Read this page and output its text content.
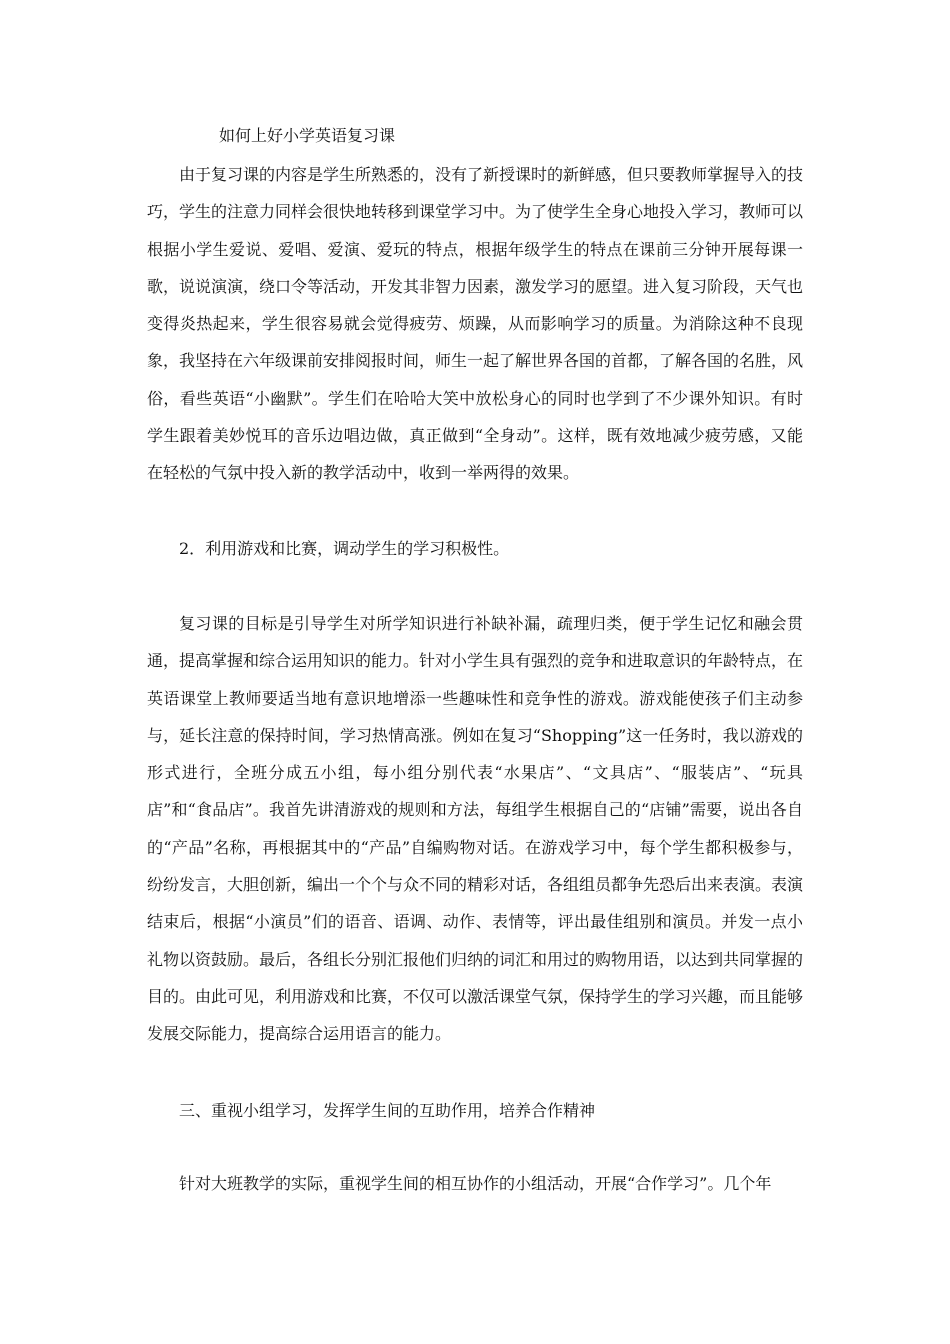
如何上好小学英语复习课

由于复习课的内容是学生所熟悉的，没有了新授课时的新鲜感，但只要教师掌握导入的技巧，学生的注意力同样会很快地转移到课堂学习中。为了使学生全身心地投入学习，教师可以根据小学生爱说、爱唱、爱演、爱玩的特点，根据年级学生的特点在课前三分钟开展每课一歌，说说演演，绕口令等活动，开发其非智力因素，激发学习的愿望。进入复习阶段，天气也变得炎热起来，学生很容易就会觉得疲劳、烦躁，从而影响学习的质量。为消除这种不良现象，我坚持在六年级课前安排阅报时间，师生一起了解世界各国的首都，了解各国的名胜，风俗，看些英语“小幽默”。学生们在哈哈大笑中放松身心的同时也学到了不少课外知识。有时学生跟着美妙悦耳的音乐边唱边做，真正做到“全身动”。这样，既有效地减少疲劳感，又能在轻松的气氛中投入新的教学活动中，收到一举两得的效果。

2．利用游戏和比赛，调动学生的学习积极性。

复习课的目标是引导学生对所学知识进行补缺补漏，疏理归类，便于学生记忆和融会贯通，提高掌握和综合运用知识的能力。针对小学生具有强烈的竞争和进取意识的年龄特点，在英语课堂上教师要适当地有意识地增添一些趣味性和竞争性的游戏。游戏能使孩子们主动参与，延长注意的保持时间，学习热情高涨。例如在复习“Shopping”这一任务时，我以游戏的形式进行，全班分成五小组，每小组分别代表“水果店”、“文具店”、“服装店”、“玩具店”和“食品店”。我首先讲清游戏的规则和方法，每组学生根据自己的“店铺”需要，说出各自的“产品”名称，再根据其中的“产品”自编购物对话。在游戏学习中，每个学生都积极参与，纷纷发言，大胆创新，编出一个个与众不同的精彩对话，各组组员都争先恐后出来表演。表演结束后，根据“小演员”们的语音、语调、动作、表情等，评出最佳组别和演员。并发一点小礼物以资鼓励。最后，各组长分别汇报他们归纳的词汇和用过的购物用语，以达到共同掌握的目的。由此可见，利用游戏和比赛，不仅可以激活课堂气氛，保持学生的学习兴趣，而且能够发展交际能力，提高综合运用语言的能力。

三、重视小组学习，发挥学生间的互助作用，培养合作精神

针对大班教学的实际，重视学生间的相互协作的小组活动，开展“合作学习”。几个年
